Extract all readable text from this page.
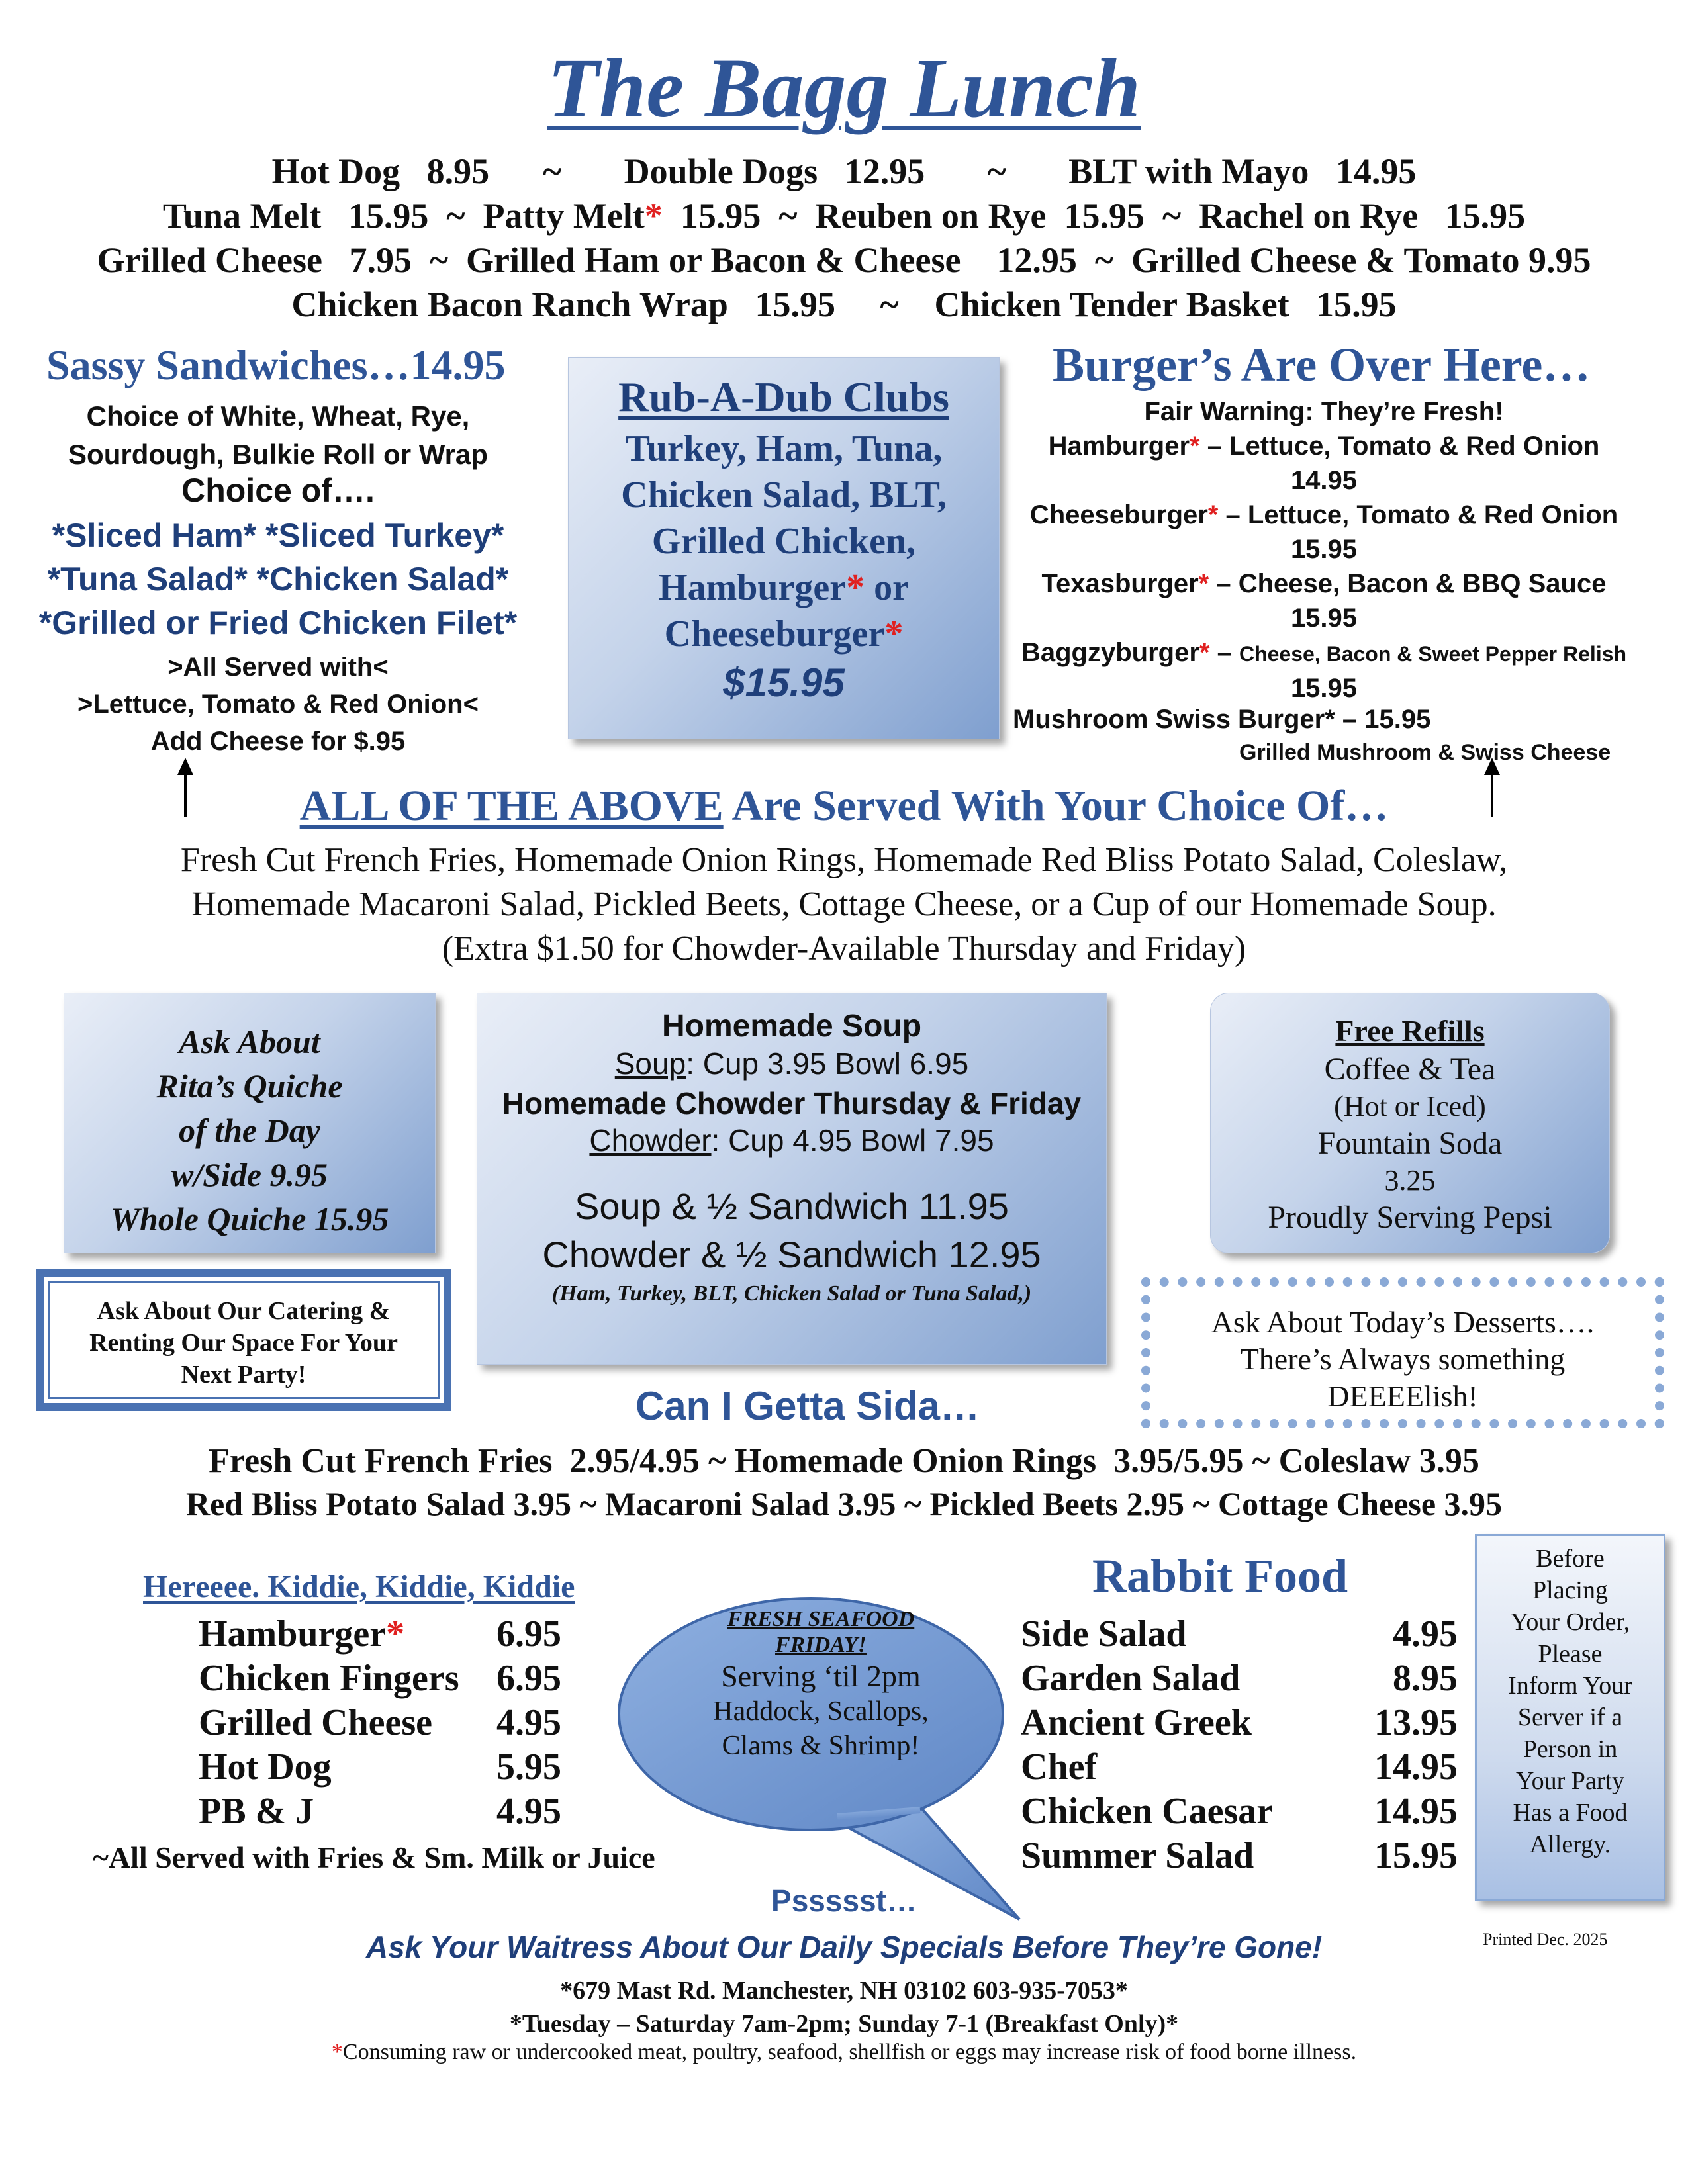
The Bagg Lunch
Hot Dog   8.95      ~       Double Dogs   12.95       ~       BLT with Mayo   14.95
Tuna Melt   15.95  ~  Patty Melt*  15.95  ~  Reuben on Rye  15.95  ~  Rachel on Rye   15.95
Grilled Cheese   7.95  ~  Grilled Ham or Bacon & Cheese    12.95  ~  Grilled Cheese & Tomato 9.95
Chicken Bacon Ranch Wrap   15.95     ~    Chicken Tender Basket   15.95
Sassy Sandwiches…14.95
Choice of White, Wheat, Rye,
Sourdough, Bulkie Roll or Wrap
Choice of….
*Sliced Ham* *Sliced Turkey*
*Tuna Salad* *Chicken Salad*
*Grilled or Fried Chicken Filet*
>All Served with<
>Lettuce, Tomato & Red Onion<
Add Cheese for $.95
Rub-A-Dub Clubs
Turkey, Ham, Tuna,
Chicken Salad, BLT,
Grilled Chicken,
Hamburger* or
Cheeseburger*
$15.95
Burger’s Are Over Here…
Fair Warning: They’re Fresh!
Hamburger* – Lettuce, Tomato & Red Onion
14.95
Cheeseburger* – Lettuce, Tomato & Red Onion
15.95
Texasburger* – Cheese, Bacon & BBQ Sauce
15.95
Baggzyburger* – Cheese, Bacon & Sweet Pepper Relish
15.95
Mushroom Swiss Burger* – 15.95
Grilled Mushroom & Swiss Cheese
ALL OF THE ABOVE Are Served With Your Choice Of…
Fresh Cut French Fries, Homemade Onion Rings, Homemade Red Bliss Potato Salad, Coleslaw,
Homemade Macaroni Salad, Pickled Beets, Cottage Cheese, or a Cup of our Homemade Soup.
(Extra $1.50 for Chowder-Available Thursday and Friday)
Ask About
Rita’s Quiche
of the Day
w/Side 9.95
Whole Quiche 15.95
Ask About Our Catering &
Renting Our Space For Your
Next Party!
Homemade Soup
Soup: Cup 3.95 Bowl 6.95
Homemade Chowder Thursday & Friday
Chowder: Cup 4.95 Bowl 7.95
Soup & ½ Sandwich 11.95
Chowder & ½ Sandwich 12.95
(Ham, Turkey, BLT, Chicken Salad or Tuna Salad,)
Free Refills
Coffee & Tea
(Hot or Iced)
Fountain Soda
3.25
Proudly Serving Pepsi
Ask About Today’s Desserts….
There’s Always something
DEEEElish!
Can I Getta Sida…
Fresh Cut French Fries  2.95/4.95 ~ Homemade Onion Rings  3.95/5.95 ~ Coleslaw 3.95
Red Bliss Potato Salad 3.95 ~ Macaroni Salad 3.95 ~ Pickled Beets 2.95 ~ Cottage Cheese 3.95
Hereeee. Kiddie, Kiddie, Kiddie
Hamburger* 6.95
Chicken Fingers 6.95
Grilled Cheese 4.95
Hot Dog	5.95
PB & J	4.95
~All Served with Fries & Sm. Milk or Juice
FRESH SEAFOOD
FRIDAY!
Serving ‘til 2pm
Haddock, Scallops,
Clams & Shrimp!
Rabbit Food
Side Salad	4.95
Garden Salad	8.95
Ancient Greek	13.95
Chef	14.95
Chicken Caesar	14.95
Summer Salad	15.95
Before
Placing
Your Order,
Please
Inform Your
Server if a
Person in
Your Party
Has a Food
Allergy.
Printed Dec. 2025
Pssssst…
Ask Your Waitress About Our Daily Specials Before They’re Gone!
*679 Mast Rd. Manchester, NH 03102 603-935-7053*
*Tuesday – Saturday 7am-2pm; Sunday 7-1 (Breakfast Only)*
*Consuming raw or undercooked meat, poultry, seafood, shellfish or eggs may increase risk of food borne illness.
